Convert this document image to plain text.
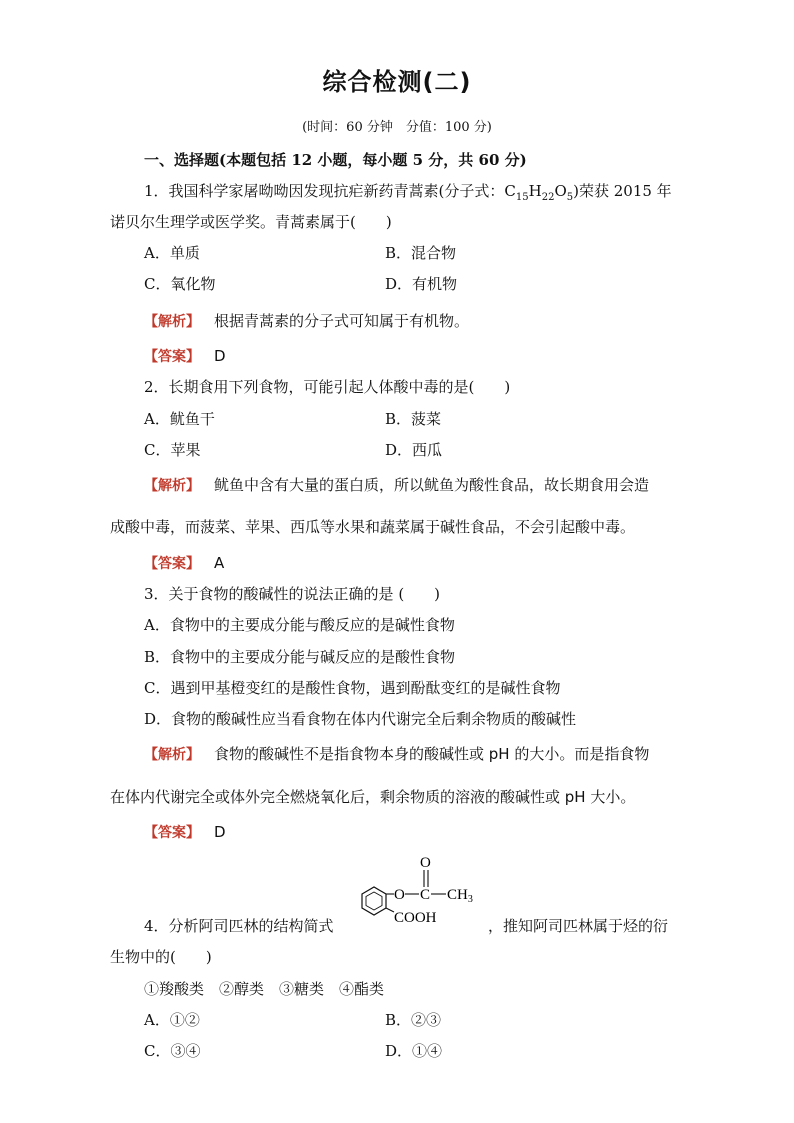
综合检测(二)
(时间：60 分钟　分值：100 分)
一、选择题(本题包括 12 小题，每小题 5 分，共 60 分)
1．我国科学家屠呦呦因发现抗疟新药青蒿素(分子式：$C_{15}H_{22}O_5$)荣获 2015 年
诺贝尔生理学或医学奖。青蒿素属于(　　)
A．单质	B．混合物
C．氧化物	D．有机物
【解析】 根据青蒿素的分子式可知属于有机物。
【答案】 D
2．长期食用下列食物，可能引起人体酸中毒的是(　　)
A．鱿鱼干	B．菠菜
C．苹果	D．西瓜
【解析】 鱿鱼中含有大量的蛋白质，所以鱿鱼为酸性食品，故长期食用会造
成酸中毒，而菠菜、苹果、西瓜等水果和蔬菜属于碱性食品，不会引起酸中毒。
【答案】 A
3．关于食物的酸碱性的说法正确的是 (　　)
A．食物中的主要成分能与酸反应的是碱性食物
B．食物中的主要成分能与碱反应的是酸性食物
C．遇到甲基橙变红的是酸性食物，遇到酚酞变红的是碱性食物
D．食物的酸碱性应当看食物在体内代谢完全后剩余物质的酸碱性
【解析】 食物的酸碱性不是指食物本身的酸碱性或 pH 的大小。而是指食物
在体内代谢完全或体外完全燃烧氧化后，剩余物质的溶液的酸碱性或 pH 大小。
【答案】 D
4．分析阿司匹林的结构简式
O
O C $CH_3$
COOH	，推知阿司匹林属于烃的衍
生物中的(　　)
①羧酸类　②醇类　③糖类　④酯类
A．①②	B．②③
C．③④	D．①④
